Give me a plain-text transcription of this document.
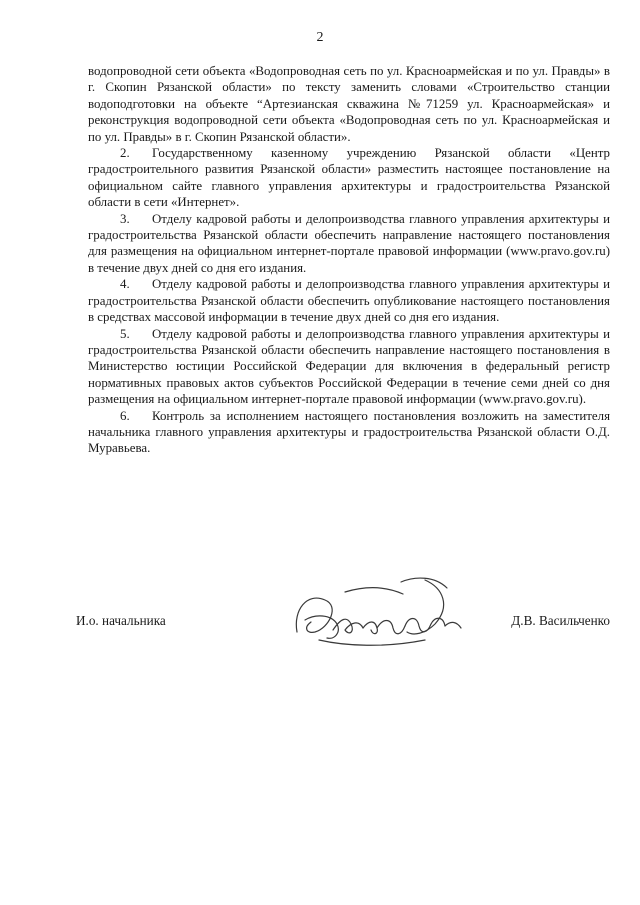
2

водопроводной сети объекта «Водопроводная сеть по ул. Красноармейская и по ул. Правды» в г. Скопин Рязанской области» по тексту заменить словами «Строительство станции водоподготовки на объекте “Артезианская скважина №71259 ул. Красноармейская» и реконструкция водопроводной сети объекта «Водопроводная сеть по ул. Красноармейская и по ул. Правды» в г. Скопин Рязанской области».

2. Государственному казенному учреждению Рязанской области «Центр градостроительного развития Рязанской области» разместить настоящее постановление на официальном сайте главного управления архитектуры и градостроительства Рязанской области в сети «Интернет».

3. Отделу кадровой работы и делопроизводства главного управления архитектуры и градостроительства Рязанской области обеспечить направление настоящего постановления для размещения на официальном интернет-портале правовой информации (www.pravo.gov.ru) в течение двух дней со дня его издания.

4. Отделу кадровой работы и делопроизводства главного управления архитектуры и градостроительства Рязанской области обеспечить опубликование настоящего постановления в средствах массовой информации в течение двух дней со дня его издания.

5. Отделу кадровой работы и делопроизводства главного управления архитектуры и градостроительства Рязанской области обеспечить направление настоящего постановления в Министерство юстиции Российской Федерации для включения в федеральный регистр нормативных правовых актов субъектов Российской Федерации в течение семи дней со дня размещения на официальном интернет-портале правовой информации (www.pravo.gov.ru).

6. Контроль за исполнением настоящего постановления возложить на заместителя начальника главного управления архитектуры и градостроительства Рязанской области О.Д. Муравьева.

И.о. начальника	Д.В. Васильченко
